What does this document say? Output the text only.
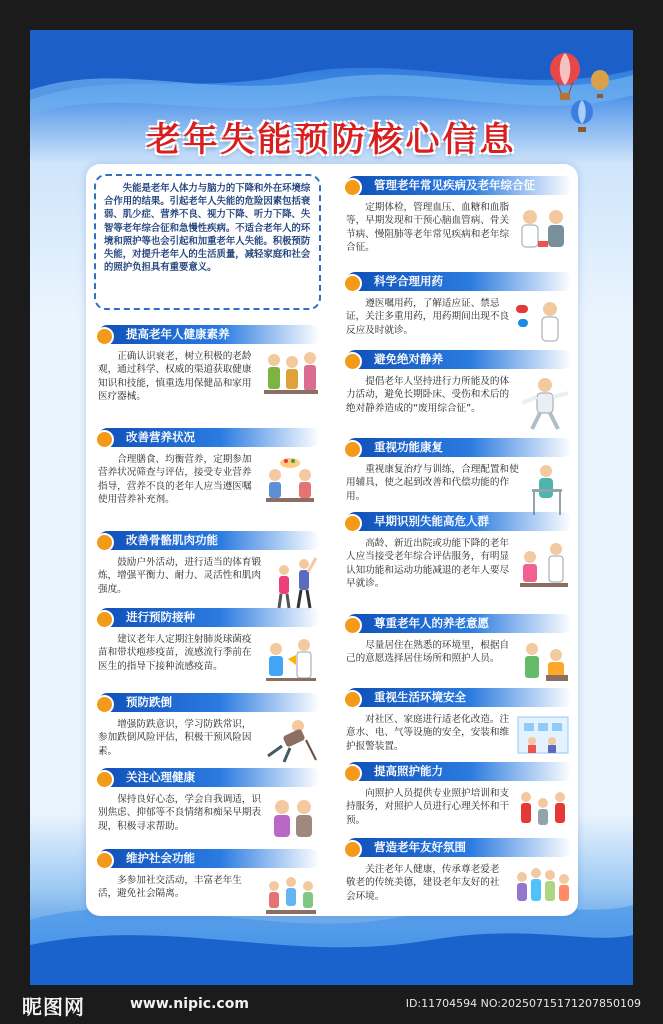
老年失能预防核心信息
失能是老年人体力与脑力的下降和外在环境综合作用的结果。引起老年人失能的危险因素包括衰弱、肌少症、营养不良、视力下降、听力下降、失智等老年综合征和急慢性疾病。不适合老年人的环境和照护等也会引起和加重老年人失能。积极预防失能，对提升老年人的生活质量，减轻家庭和社会的照护负担具有重要意义。
提高老年人健康素养
正确认识衰老，树立积极的老龄观，通过科学、权威的渠道获取健康知识和技能，慎重选用保健品和家用医疗器械。
改善营养状况
合理膳食、均衡营养，定期参加营养状况筛查与评估，接受专业营养指导，营养不良的老年人应当遵医嘱使用营养补充剂。
改善骨骼肌肉功能
鼓励户外活动，进行适当的体育锻炼，增强平衡力、耐力、灵活性和肌肉强度。
进行预防接种
建议老年人定期注射肺炎球菌疫苗和带状疱疹疫苗，流感流行季前在医生的指导下接种流感疫苗。
预防跌倒
增强防跌意识，学习防跌常识，参加跌倒风险评估，积极干预风险因素。
关注心理健康
保持良好心态，学会自我调适，识别焦虑、抑郁等不良情绪和痴呆早期表现，积极寻求帮助。
维护社会功能
多参加社交活动，丰富老年生活，避免社会隔离。
管理老年常见疾病及老年综合征
定期体检，管理血压、血糖和血脂等，早期发现和干预心脑血管病、骨关节病、慢阻肺等老年常见疾病和老年综合征。
科学合理用药
遵医嘱用药，了解适应证、禁忌证，关注多重用药，用药期间出现不良反应及时就诊。
避免绝对静养
提倡老年人坚持进行力所能及的体力活动，避免长期卧床、受伤和术后的绝对静养造成的“废用综合征”。
重视功能康复
重视康复治疗与训练，合理配置和使用辅具，使之起到改善和代偿功能的作用。
早期识别失能高危人群
高龄、新近出院或功能下降的老年人应当接受老年综合评估服务，有明显认知功能和运动功能减退的老年人要尽早就诊。
尊重老年人的养老意愿
尽量居住在熟悉的环境里，根据自己的意愿选择居住场所和照护人员。
重视生活环境安全
对社区、家庭进行适老化改造。注意水、电、气等设施的安全，安装和维护报警装置。
提高照护能力
向照护人员提供专业照护培训和支持服务，对照护人员进行心理关怀和干预。
营造老年友好氛围
关注老年人健康，传承尊老爱老敬老的传统美德，建设老年友好的社会环境。
昵图网	www.nipic.com	ID:11704594 NO:20250715171207850109
